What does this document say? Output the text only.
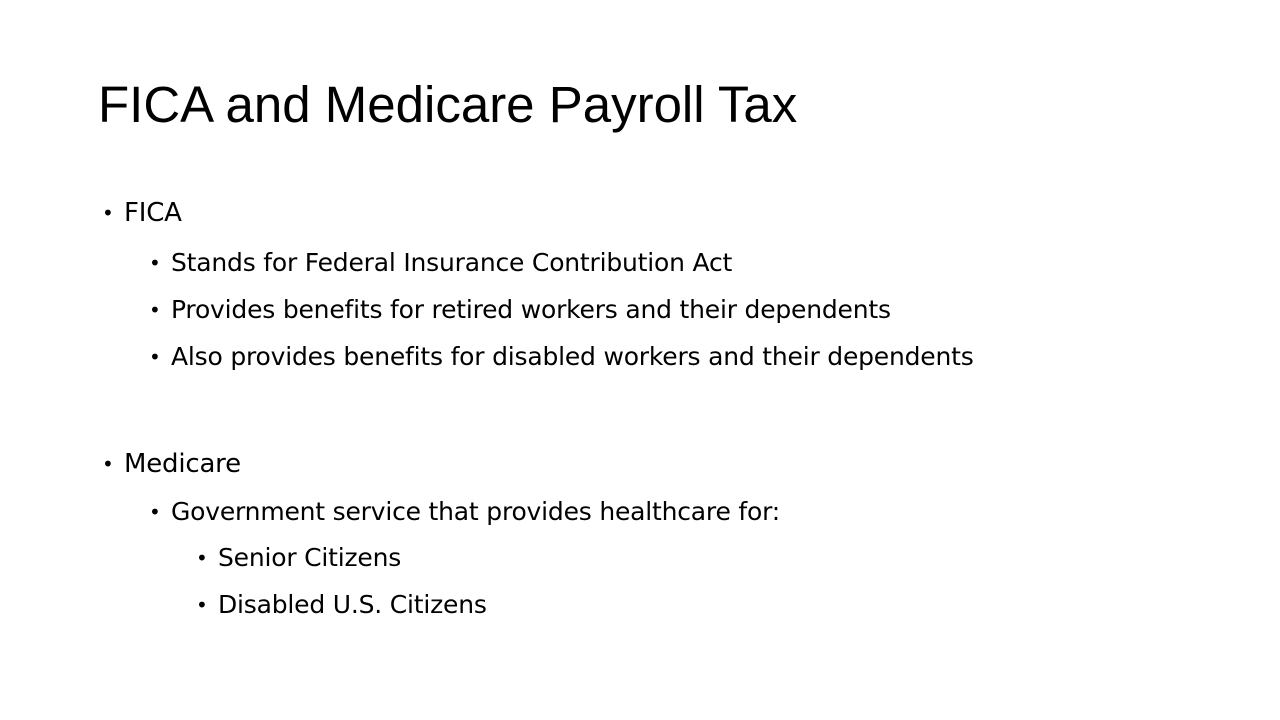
FICA and Medicare Payroll Tax
• FICA
• Stands for Federal Insurance Contribution Act
• Provides benefits for retired workers and their dependents
• Also provides benefits for disabled workers and their dependents
• Medicare
• Government service that provides healthcare for:
• Senior Citizens
• Disabled U.S. Citizens
